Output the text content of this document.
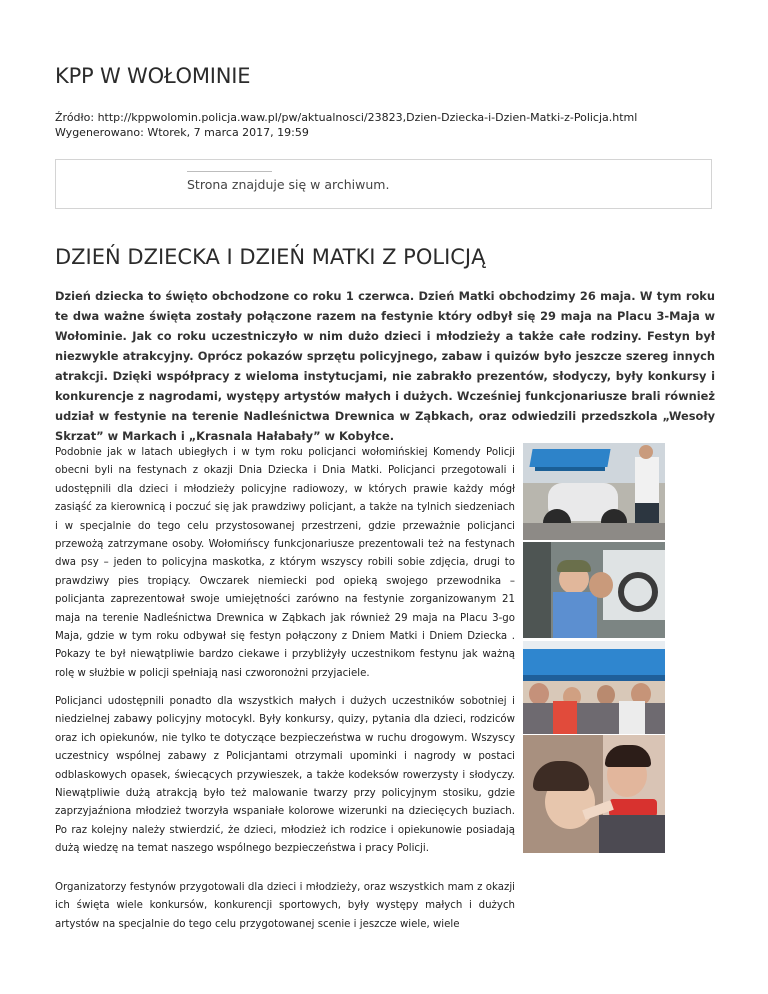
KPP W WOŁOMINIE
Źródło: http://kppwolomin.policja.waw.pl/pw/aktualnosci/23823,Dzien-Dziecka-i-Dzien-Matki-z-Policja.html
Wygenerowano: Wtorek, 7 marca 2017, 19:59
Strona znajduje się w archiwum.
DZIEŃ DZIECKA I DZIEŃ MATKI Z POLICJĄ

Dzień dziecka to święto obchodzone co roku 1 czerwca. Dzień Matki obchodzimy 26 maja. W tym roku te dwa ważne święta zostały połączone razem na festynie który odbył się 29 maja na Placu 3-Maja w Wołominie. Jak co roku uczestniczyło w nim dużo dzieci i młodzieży a także całe rodziny. Festyn był niezwykle atrakcyjny. Oprócz pokazów sprzętu policyjnego, zabaw i quizów było jeszcze szereg innych atrakcji. Dzięki współpracy z wieloma instytucjami, nie zabrakło prezentów, słodyczy, były konkursy i konkurencje z nagrodami, występy artystów małych i dużych. Wcześniej funkcjonariusze brali również udział w festynie na terenie Nadleśnictwa Drewnica w Ząbkach, oraz odwiedzili przedszkola „Wesoły Skrzat” w Markach i „Krasnala Hałabały” w Kobyłce.

Podobnie jak w latach ubiegłych i w tym roku policjanci wołomińskiej Komendy Policji obecni byli na festynach z okazji Dnia Dziecka i Dnia Matki. Policjanci przegotowali i udostępnili dla dzieci i młodzieży policyjne radiowozy, w których prawie każdy mógł zasiąść za kierownicą i poczuć się jak prawdziwy policjant, a także na tylnich siedzeniach i w specjalnie do tego celu przystosowanej przestrzeni, gdzie przeważnie policjanci przewożą zatrzymane osoby. Wołomińscy funkcjonariusze prezentowali też na festynach dwa psy – jeden to policyjna maskotka, z którym wszyscy robili sobie zdjęcia, drugi to prawdziwy pies tropiący. Owczarek niemiecki pod opieką swojego przewodnika – policjanta zaprezentował swoje umiejętności zarówno na festynie zorganizowanym 21 maja na terenie Nadleśnictwa Drewnica w Ząbkach jak również 29 maja na Placu 3-go Maja, gdzie w tym roku odbywał się festyn połączony z Dniem Matki i Dniem Dziecka . Pokazy te był niewątpliwie bardzo ciekawe i przybliżyły uczestnikom festynu jak ważną rolę w służbie w policji spełniają nasi czworonożni przyjaciele.

Policjanci udostępnili ponadto dla wszystkich małych i dużych uczestników sobotniej i niedzielnej zabawy policyjny motocykl. Były konkursy, quizy, pytania dla dzieci, rodziców oraz ich opiekunów, nie tylko te dotyczące bezpieczeństwa w ruchu drogowym. Wszyscy uczestnicy wspólnej zabawy z Policjantami otrzymali upominki i nagrody w postaci odblaskowych opasek, świecących przywieszek, a także kodeksów rowerzysty i słodyczy. Niewątpliwie dużą atrakcją było też malowanie twarzy przy policyjnym stosiku, gdzie zaprzyjaźniona młodzież tworzyła wspaniałe kolorowe wizerunki na dziecięcych buziach. Po raz kolejny należy stwierdzić, że dzieci, młodzież ich rodzice i opiekunowie posiadają dużą wiedzę na temat naszego wspólnego bezpieczeństwa i pracy Policji.

Organizatorzy festynów przygotowali dla dzieci i młodzieży, oraz wszystkich mam z okazji ich święta wiele konkursów, konkurencji sportowych, były występy małych i dużych artystów na specjalnie do tego celu przygotowanej scenie i jeszcze wiele, wiele
